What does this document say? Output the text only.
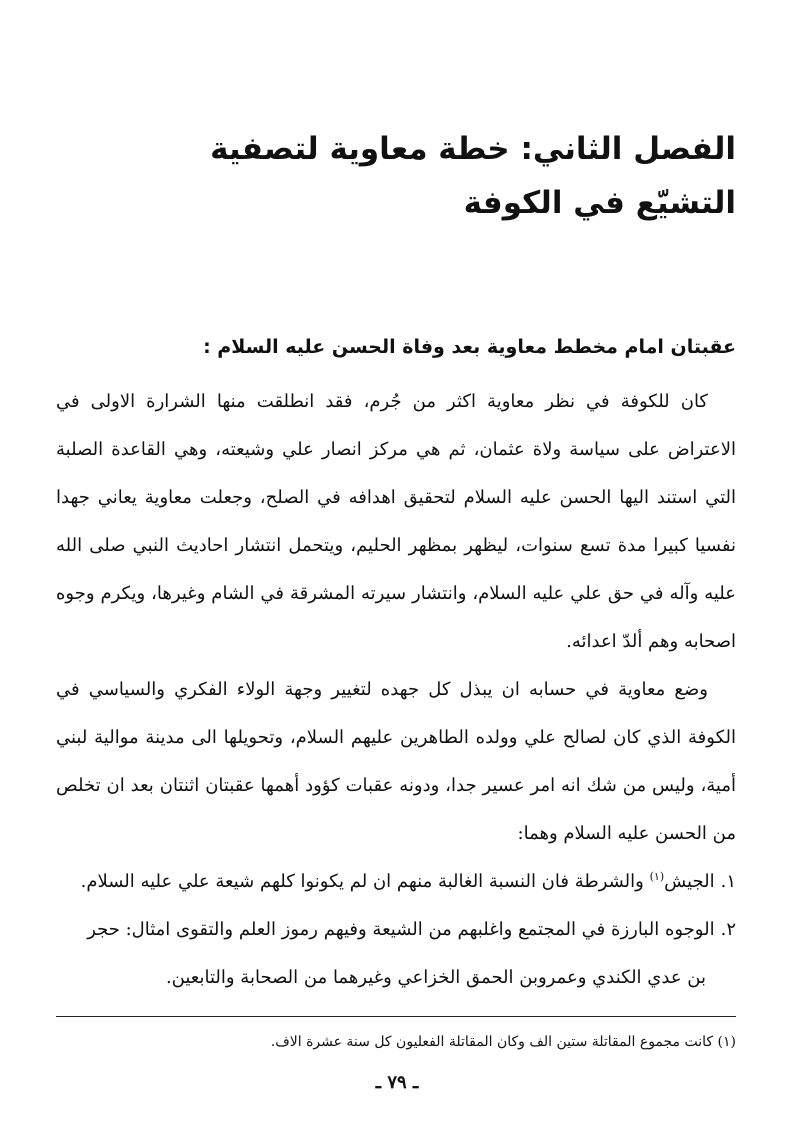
الفصل الثاني: خطة معاوية لتصفية
التشيّع في الكوفة
عقبتان امام مخطط معاوية بعد وفاة الحسن عليه السلام :

كان للكوفة في نظر معاوية اكثر من جُرم، فقد انطلقت منها الشرارة الاولى في الاعتراض على سياسة ولاة عثمان، ثم هي مركز انصار علي وشيعته، وهي القاعدة الصلبة التي استند اليها الحسن عليه السلام لتحقيق اهدافه في الصلح، وجعلت معاوية يعاني جهدا نفسيا كبيرا مدة تسع سنوات، ليظهر بمظهر الحليم، ويتحمل انتشار احاديث النبي صلى الله عليه وآله في حق علي عليه السلام، وانتشار سيرته المشرقة في الشام وغيرها، ويكرم وجوه اصحابه وهم ألدّ اعدائه.

وضع معاوية في حسابه ان يبذل كل جهده لتغيير وجهة الولاء الفكري والسياسي في الكوفة الذي كان لصالح علي وولده الطاهرين عليهم السلام، وتحويلها الى مدينة موالية لبني أمية، وليس من شك انه امر عسير جدا، ودونه عقبات كؤود أهمها عقبتان اثنتان بعد ان تخلص من الحسن عليه السلام وهما:

١.الجيش$^{(١)}$ والشرطة فان النسبة الغالبة منهم ان لم يكونوا كلهم شيعة علي عليه السلام.
٢.الوجوه البارزة في المجتمع واغلبهم من الشيعة وفيهم رموز العلم والتقوى امثال: حجر
بن عدي الكندي وعمروبن الحمق الخزاعي وغيرهما من الصحابة والتابعين.
(١) كانت مجموع المقاتلة ستين الف وكان المقاتلة الفعليون كل سنة عشرة الاف.
ـ ٧٩ ـ
